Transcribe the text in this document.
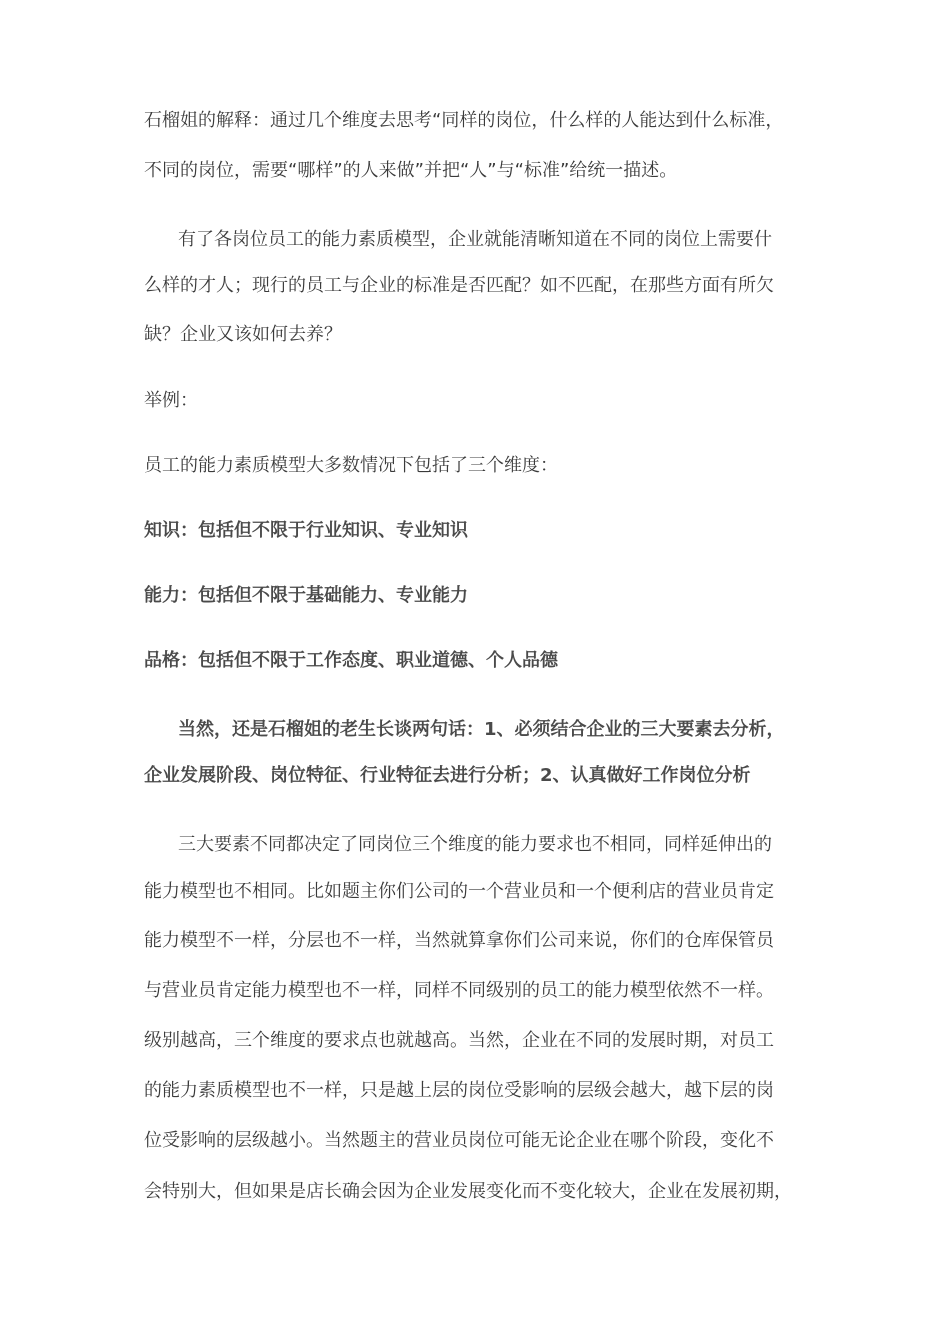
石榴姐的解释：通过几个维度去思考“同样的岗位，什么样的人能达到什么标准，
不同的岗位，需要“哪样”的人来做”并把“人”与“标准”给统一描述。
有了各岗位员工的能力素质模型，企业就能清晰知道在不同的岗位上需要什
么样的才人；现行的员工与企业的标准是否匹配？如不匹配，在那些方面有所欠
缺？企业又该如何去养？
举例：
员工的能力素质模型大多数情况下包括了三个维度：
知识：包括但不限于行业知识、专业知识
能力：包括但不限于基础能力、专业能力
品格：包括但不限于工作态度、职业道德、个人品德
当然，还是石榴姐的老生长谈两句话：1、必须结合企业的三大要素去分析，
企业发展阶段、岗位特征、行业特征去进行分析；2、认真做好工作岗位分析
三大要素不同都决定了同岗位三个维度的能力要求也不相同，同样延伸出的
能力模型也不相同。比如题主你们公司的一个营业员和一个便利店的营业员肯定
能力模型不一样，分层也不一样，当然就算拿你们公司来说，你们的仓库保管员
与营业员肯定能力模型也不一样，同样不同级别的员工的能力模型依然不一样。
级别越高，三个维度的要求点也就越高。当然，企业在不同的发展时期，对员工
的能力素质模型也不一样，只是越上层的岗位受影响的层级会越大，越下层的岗
位受影响的层级越小。当然题主的营业员岗位可能无论企业在哪个阶段，变化不
会特别大，但如果是店长确会因为企业发展变化而不变化较大，企业在发展初期，
